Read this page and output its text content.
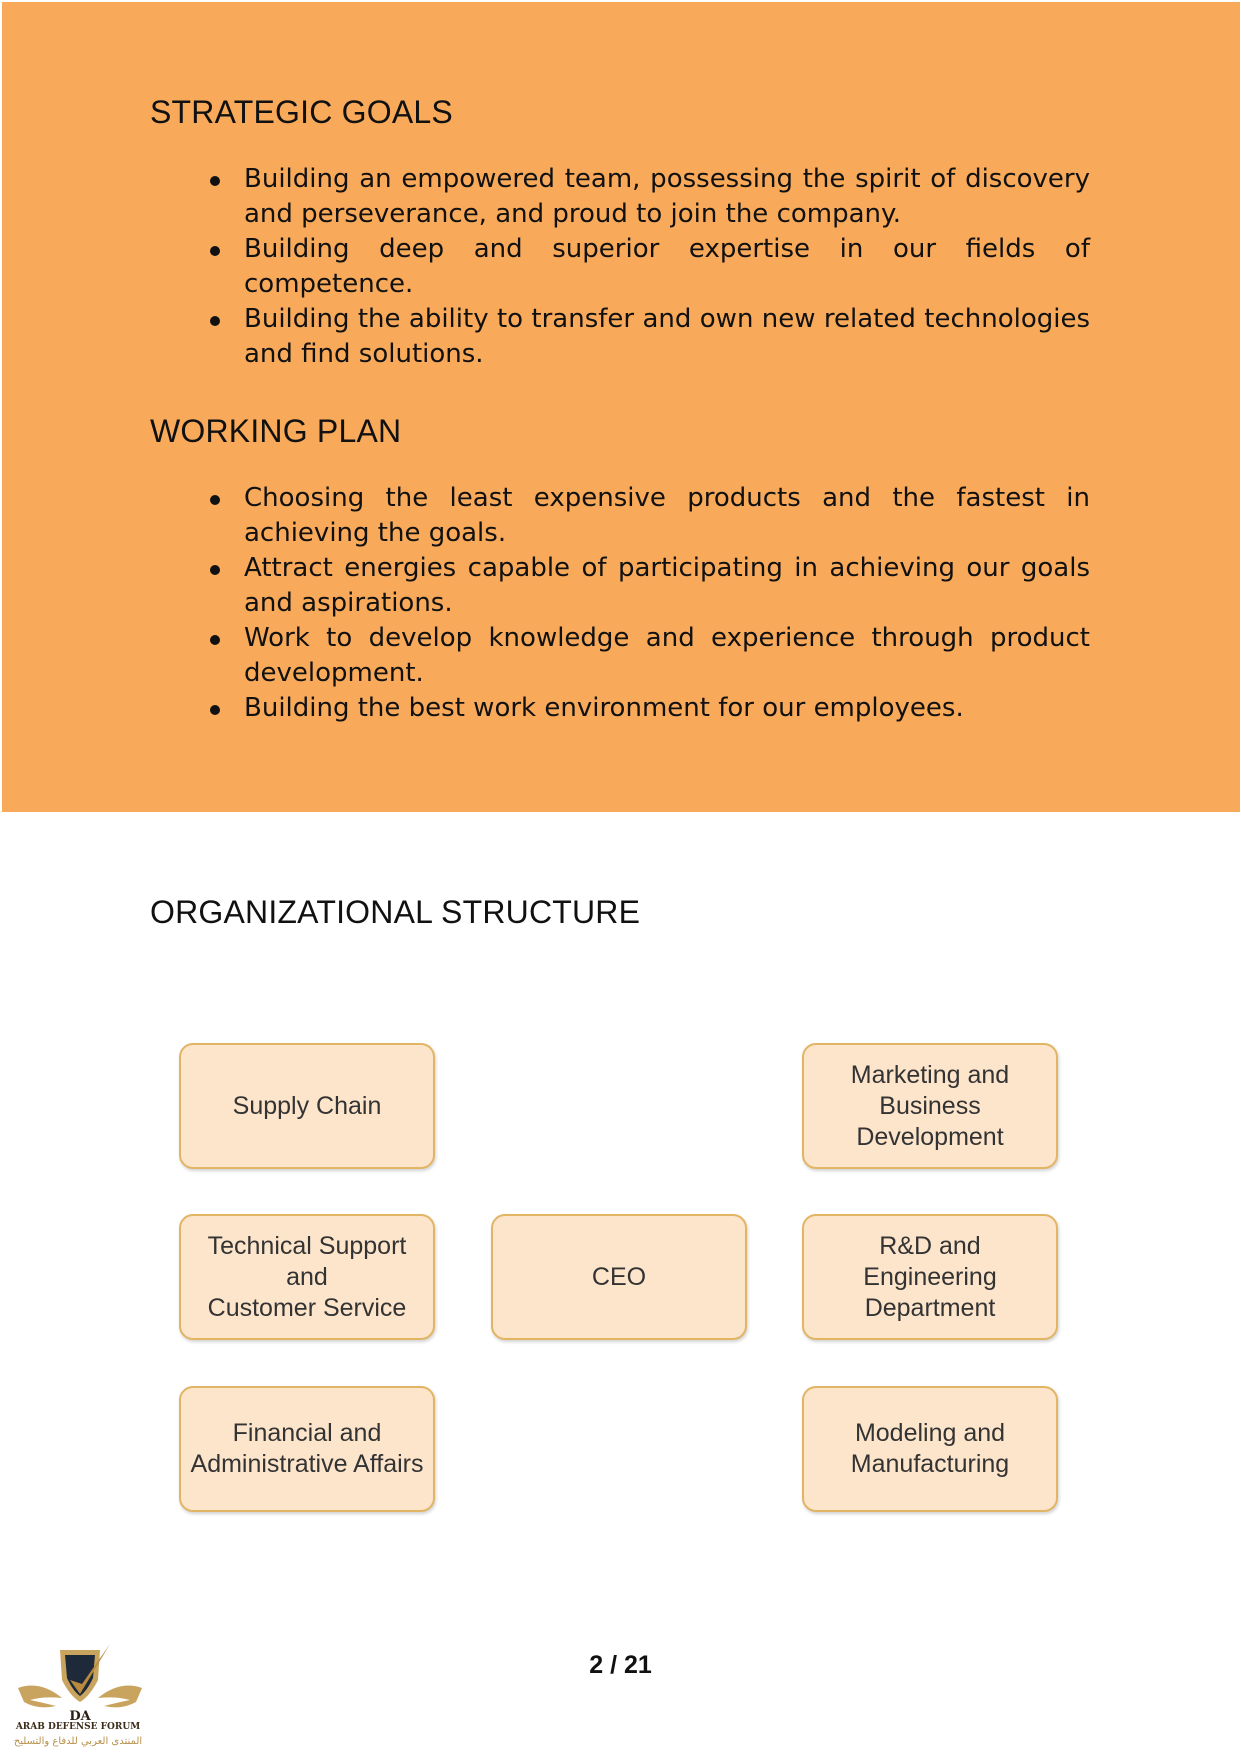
STRATEGIC GOALS
Building an empowered team, possessing the spirit of discovery and perseverance, and proud to join the company.
Building deep and superior expertise in our fields of competence.
Building the ability to transfer and own new related technologies and find solutions.
WORKING PLAN
Choosing the least expensive products and the fastest in achieving the goals.
Attract energies capable of participating in achieving our goals and aspirations.
Work to develop knowledge and experience through product development.
Building the best work environment for our employees.
ORGANIZATIONAL STRUCTURE
Supply Chain
Marketing and
Business
Development
Technical Support
and
Customer Service
CEO
R&D and
Engineering
Department
Financial and
Administrative Affairs
Modeling and
Manufacturing
2 / 21
DA
ARAB DEFENSE FORUM
المنتدى العربي للدفاع والتسليح
